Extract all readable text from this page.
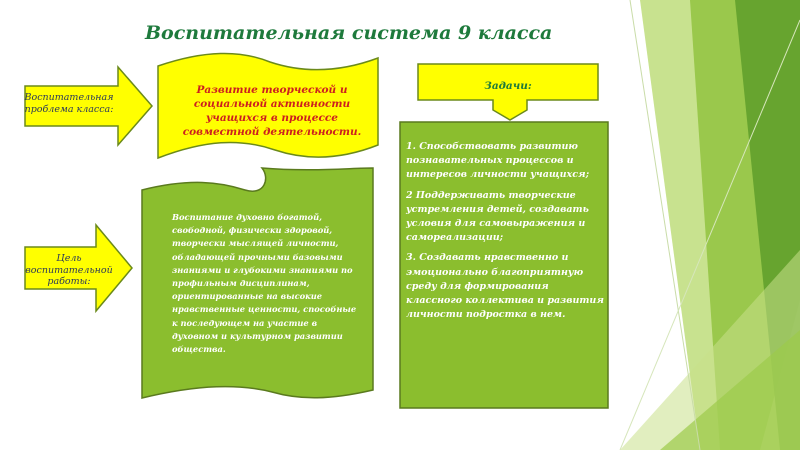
Воспитательная система 9 класса
Воспитательная проблема класса:
Развитие творческой и социальной активности учащихся в процессе совместной деятельности.
Цель воспитательной работы:
Воспитание духовно богатой, свободной, физически здоровой, творчески мыслящей личности, обладающей прочными базовыми знаниями и глубокими знаниями по профильным дисциплинам, ориентированные на высокие нравственные ценности, способные к последующем на участие в духовном и культурном развитии общества.
Задачи:

1. Способствовать развитию познавательных процессов и интересов личности учащихся;

2 Поддерживать творческие устремления детей, создавать условия для самовыражения и самореализации;

3. Создавать нравственно и эмоционально благоприятную среду для формирования классного коллектива и развития личности подростка в нем.
